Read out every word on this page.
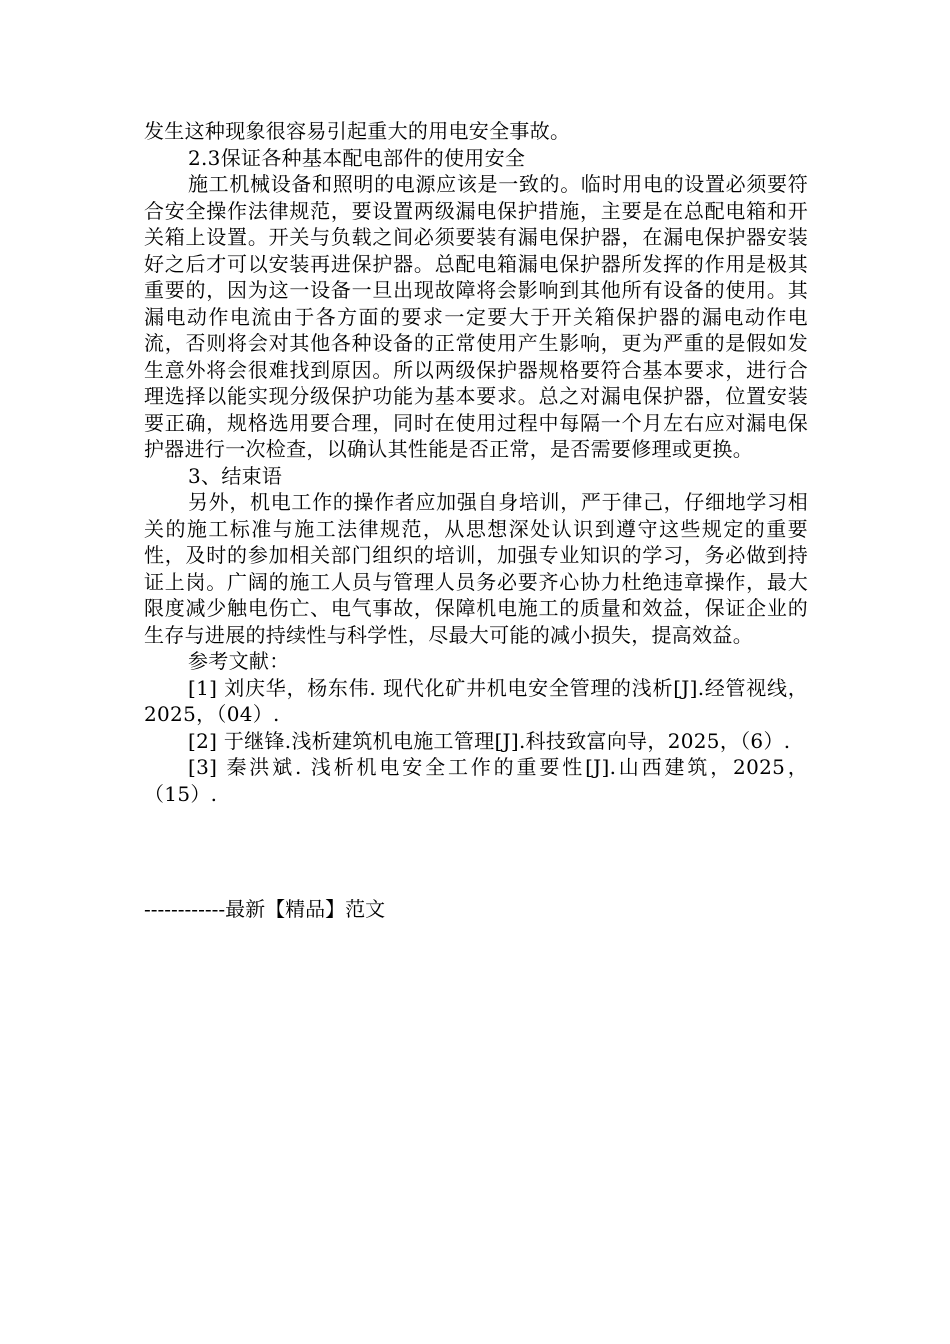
发生这种现象很容易引起重大的用电安全事故。

2.3保证各种基本配电部件的使用安全

施工机械设备和照明的电源应该是一致的。临时用电的设置必须要符合安全操作法律规范，要设置两级漏电保护措施，主要是在总配电箱和开关箱上设置。开关与负载之间必须要装有漏电保护器，在漏电保护器安装好之后才可以安装再进保护器。总配电箱漏电保护器所发挥的作用是极其重要的，因为这一设备一旦出现故障将会影响到其他所有设备的使用。其漏电动作电流由于各方面的要求一定要大于开关箱保护器的漏电动作电流，否则将会对其他各种设备的正常使用产生影响，更为严重的是假如发生意外将会很难找到原因。所以两级保护器规格要符合基本要求，进行合理选择以能实现分级保护功能为基本要求。总之对漏电保护器，位置安装要正确，规格选用要合理，同时在使用过程中每隔一个月左右应对漏电保护器进行一次检查，以确认其性能是否正常，是否需要修理或更换。

3、结束语

另外，机电工作的操作者应加强自身培训，严于律己，仔细地学习相关的施工标准与施工法律规范，从思想深处认识到遵守这些规定的重要性，及时的参加相关部门组织的培训，加强专业知识的学习，务必做到持证上岗。广阔的施工人员与管理人员务必要齐心协力杜绝违章操作，最大限度减少触电伤亡、电气事故，保障机电施工的质量和效益，保证企业的生存与进展的持续性与科学性，尽最大可能的减小损失，提高效益。

参考文献：

[1] 刘庆华，杨东伟. 现代化矿井机电安全管理的浅析[J].经管视线，2025，（04）.

[2] 于继锋.浅析建筑机电施工管理[J].科技致富向导，2025，（6）.

[3] 秦洪斌. 浅析机电安全工作的重要性[J].山西建筑，2025，（15）.

------------最新【精品】范文
